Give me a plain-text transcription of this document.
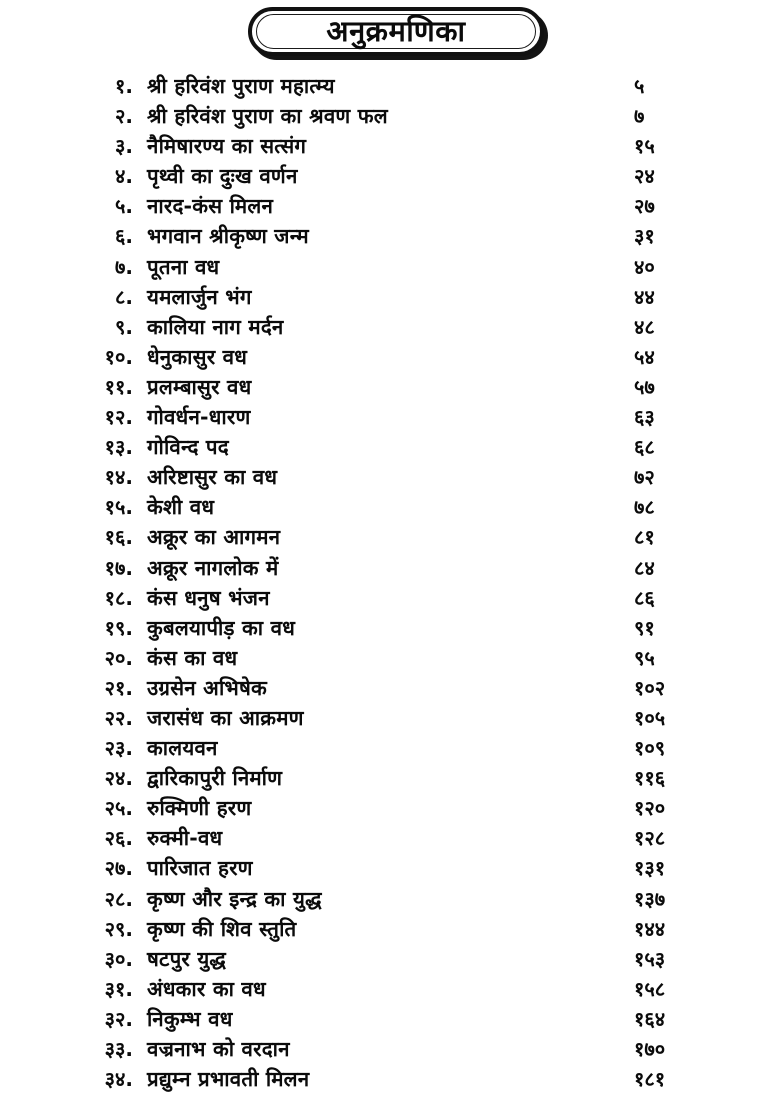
अनुक्रमणिका
१. श्री हरिवंश पुराण महात्म्य	५
२. श्री हरिवंश पुराण का श्रवण फल	७
३. नैमिषारण्य का सत्संग	१५
४. पृथ्वी का दुःख वर्णन	२४
५. नारद-कंस मिलन	२७
६. भगवान श्रीकृष्ण जन्म	३१
७. पूतना वध	४०
८. यमलार्जुन भंग	४४
९. कालिया नाग मर्दन	४८
१०. धेनुकासुर वध	५४
११. प्रलम्बासुर वध	५७
१२. गोवर्धन-धारण	६३
१३. गोविन्द पद	६८
१४. अरिष्टासुर का वध	७२
१५. केशी वध	७८
१६. अक्रूर का आगमन	८१
१७. अक्रूर नागलोक में	८४
१८. कंस धनुष भंजन	८६
१९. कुबलयापीड़ का वध	९१
२०. कंस का वध	९५
२१. उग्रसेन अभिषेक	१०२
२२. जरासंध का आक्रमण	१०५
२३. कालयवन	१०९
२४. द्वारिकापुरी निर्माण	११६
२५. रुक्मिणी हरण	१२०
२६. रुक्मी-वध	१२८
२७. पारिजात हरण	१३१
२८. कृष्ण और इन्द्र का युद्ध	१३७
२९. कृष्ण की शिव स्तुति	१४४
३०. षटपुर युद्ध	१५३
३१. अंधकार का वध	१५८
३२. निकुम्भ वध	१६४
३३. वज्रनाभ को वरदान	१७०
३४. प्रद्युम्न प्रभावती मिलन	१८१
